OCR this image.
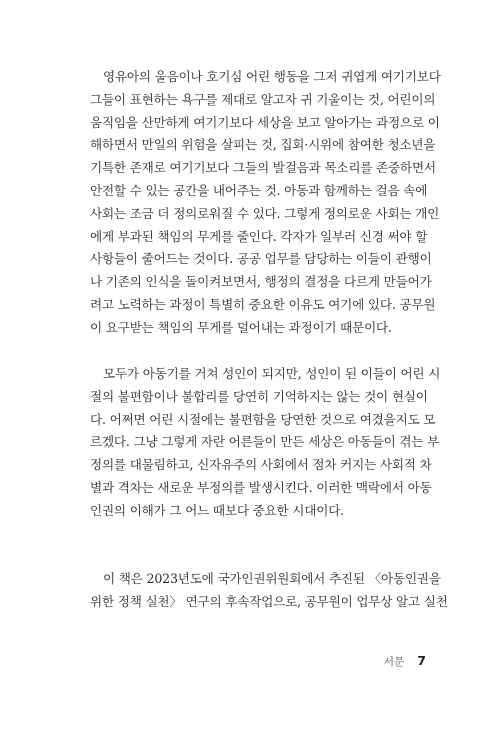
영유아의 울음이나 호기심 어린 행동을 그저 귀엽게 여기기보다
그들이 표현하는 욕구를 제대로 알고자 귀 기울이는 것, 어린이의
움직임을 산만하게 여기기보다 세상을 보고 알아가는 과정으로 이
해하면서 만일의 위험을 살피는 것, 집회·시위에 참여한 청소년을
기특한 존재로 여기기보다 그들의 발걸음과 목소리를 존중하면서
안전할 수 있는 공간을 내어주는 것. 아동과 함께하는 걸음 속에
사회는 조금 더 정의로워질 수 있다. 그렇게 정의로운 사회는 개인
에게 부과된 책임의 무게를 줄인다. 각자가 일부러 신경 써야 할
사항들이 줄어드는 것이다. 공공 업무를 담당하는 이들이 관행이
나 기존의 인식을 돌이켜보면서, 행정의 결정을 다르게 만들어가
려고 노력하는 과정이 특별히 중요한 이유도 여기에 있다. 공무원
이 요구받는 책임의 무게를 덜어내는 과정이기 때문이다.
모두가 아동기를 거쳐 성인이 되지만, 성인이 된 이들이 어린 시
절의 불편함이나 불합리를 당연히 기억하지는 않는 것이 현실이
다. 어쩌면 어린 시절에는 불편함을 당연한 것으로 여겼을지도 모
르겠다. 그냥 그렇게 자란 어른들이 만든 세상은 아동들이 겪는 부
정의를 대물림하고, 신자유주의 사회에서 점차 커지는 사회적 차
별과 격차는 새로운 부정의를 발생시킨다. 이러한 맥락에서 아동
인권의 이해가 그 어느 때보다 중요한 시대이다.
이 책은 2023년도에 국가인권위원회에서 추진된 〈아동인권을
위한 정책 실천〉 연구의 후속작업으로, 공무원이 업무상 알고 실천
서문 7
